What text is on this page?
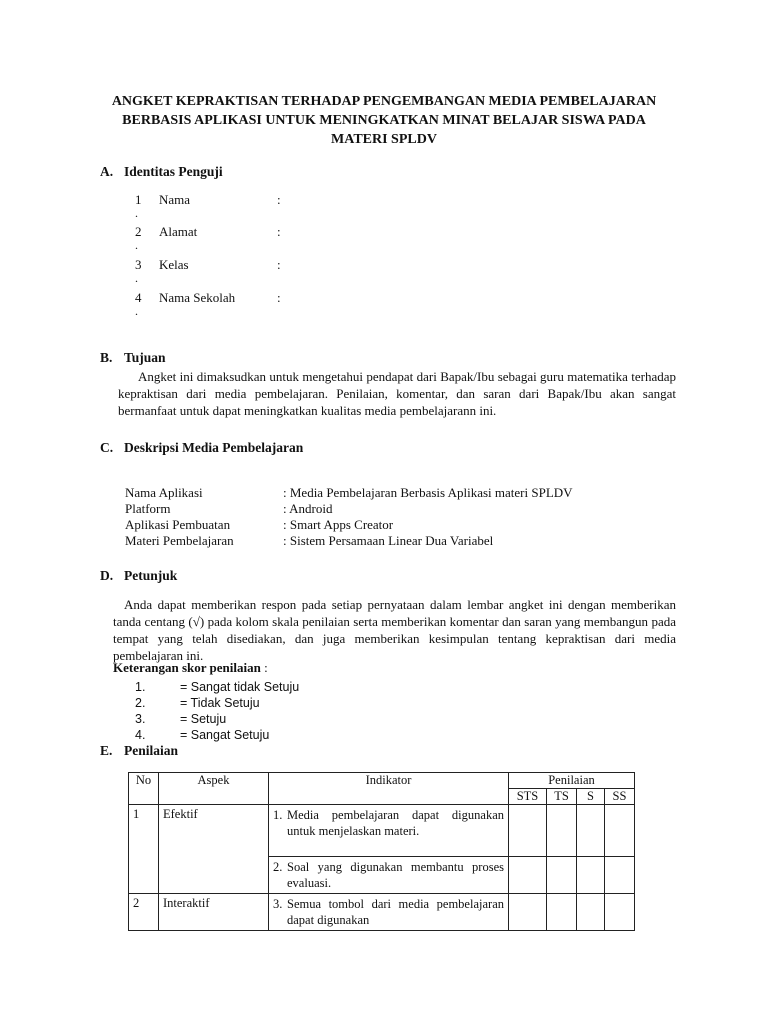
ANGKET KEPRAKTISAN TERHADAP PENGEMBANGAN MEDIA PEMBELAJARAN
BERBASIS APLIKASI UNTUK MENINGKATKAN MINAT BELAJAR SISWA PADA
MATERI SPLDV
A. Identitas Penguji
1
.
Nama	:
2
.
Alamat	:
3
.
Kelas	:
4
.
Nama Sekolah	:
B. Tujuan

Angket ini dimaksudkan untuk mengetahui pendapat dari Bapak/Ibu sebagai guru matematika terhadap kepraktisan dari media pembelajaran. Penilaian, komentar, dan saran dari Bapak/Ibu akan sangat bermanfaat untuk dapat meningkatkan kualitas media pembelajarann ini.

C. Deskripsi Media Pembelajaran
Nama Aplikasi	: Media Pembelajaran Berbasis Aplikasi materi SPLDV
Platform	: Android
Aplikasi Pembuatan	: Smart Apps Creator
Materi Pembelajaran	: Sistem Persamaan Linear Dua Variabel
D. Petunjuk

Anda dapat memberikan respon pada setiap pernyataan dalam lembar angket ini dengan memberikan tanda centang (√) pada kolom skala penilaian serta memberikan komentar dan saran yang membangun pada tempat yang telah disediakan, dan juga memberikan kesimpulan tentang kepraktisan dari media pembelajaran ini.

Keterangan skor penilaian :
1.	= Sangat tidak Setuju
2.	= Tidak Setuju
3.	= Setuju
4.	= Sangat Setuju
E. Penilaian
No	Aspek	Indikator	Penilaian			
			STS	TS	S	SS
1	Efektif	1. Media pembelajaran dapat digunakan untuk menjelaskan materi.				

		2. Soal yang digunakan membantu proses evaluasi.				

2	Interaktif	3. Semua tombol dari media pembelajaran dapat digunakan				
